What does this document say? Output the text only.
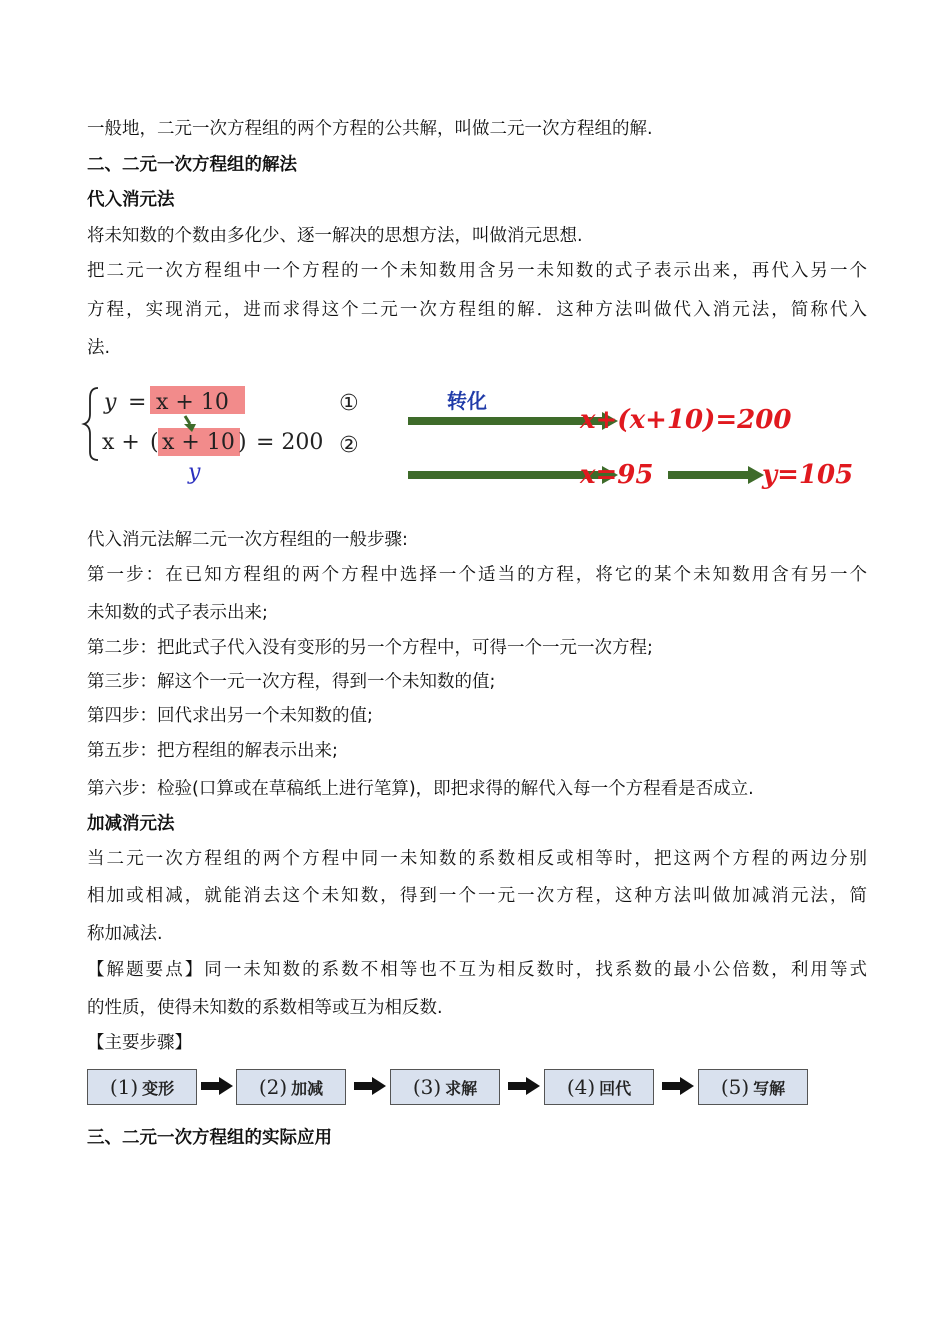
一般地，二元一次方程组的两个方程的公共解，叫做二元一次方程组的解.
二、二元一次方程组的解法
代入消元法
将未知数的个数由多化少、逐一解决的思想方法，叫做消元思想.
把二元一次方程组中一个方程的一个未知数用含另一未知数的式子表示出来，再代入另一个
方程，实现消元，进而求得这个二元一次方程组的解．这种方法叫做代入消元法，简称代入
法.
y = x + 10	①
x + ( x + 10 ) = 200 ②
y
转化
x+(x+10)=200
x=95	y=105
代入消元法解二元一次方程组的一般步骤:
第一步：在已知方程组的两个方程中选择一个适当的方程，将它的某个未知数用含有另一个
未知数的式子表示出来;
第二步：把此式子代入没有变形的另一个方程中，可得一个一元一次方程;
第三步：解这个一元一次方程，得到一个未知数的值;
第四步：回代求出另一个未知数的值;
第五步：把方程组的解表示出来;
第六步：检验(口算或在草稿纸上进行笔算)，即把求得的解代入每一个方程看是否成立.
加减消元法
当二元一次方程组的两个方程中同一未知数的系数相反或相等时，把这两个方程的两边分别
相加或相减，就能消去这个未知数，得到一个一元一次方程，这种方法叫做加减消元法，简
称加减法.
【解题要点】同一未知数的系数不相等也不互为相反数时，找系数的最小公倍数，利用等式
的性质，使得未知数的系数相等或互为相反数.
【主要步骤】
(1) 变形	(2) 加减	(3) 求解	(4) 回代	(5) 写解
三、二元一次方程组的实际应用
